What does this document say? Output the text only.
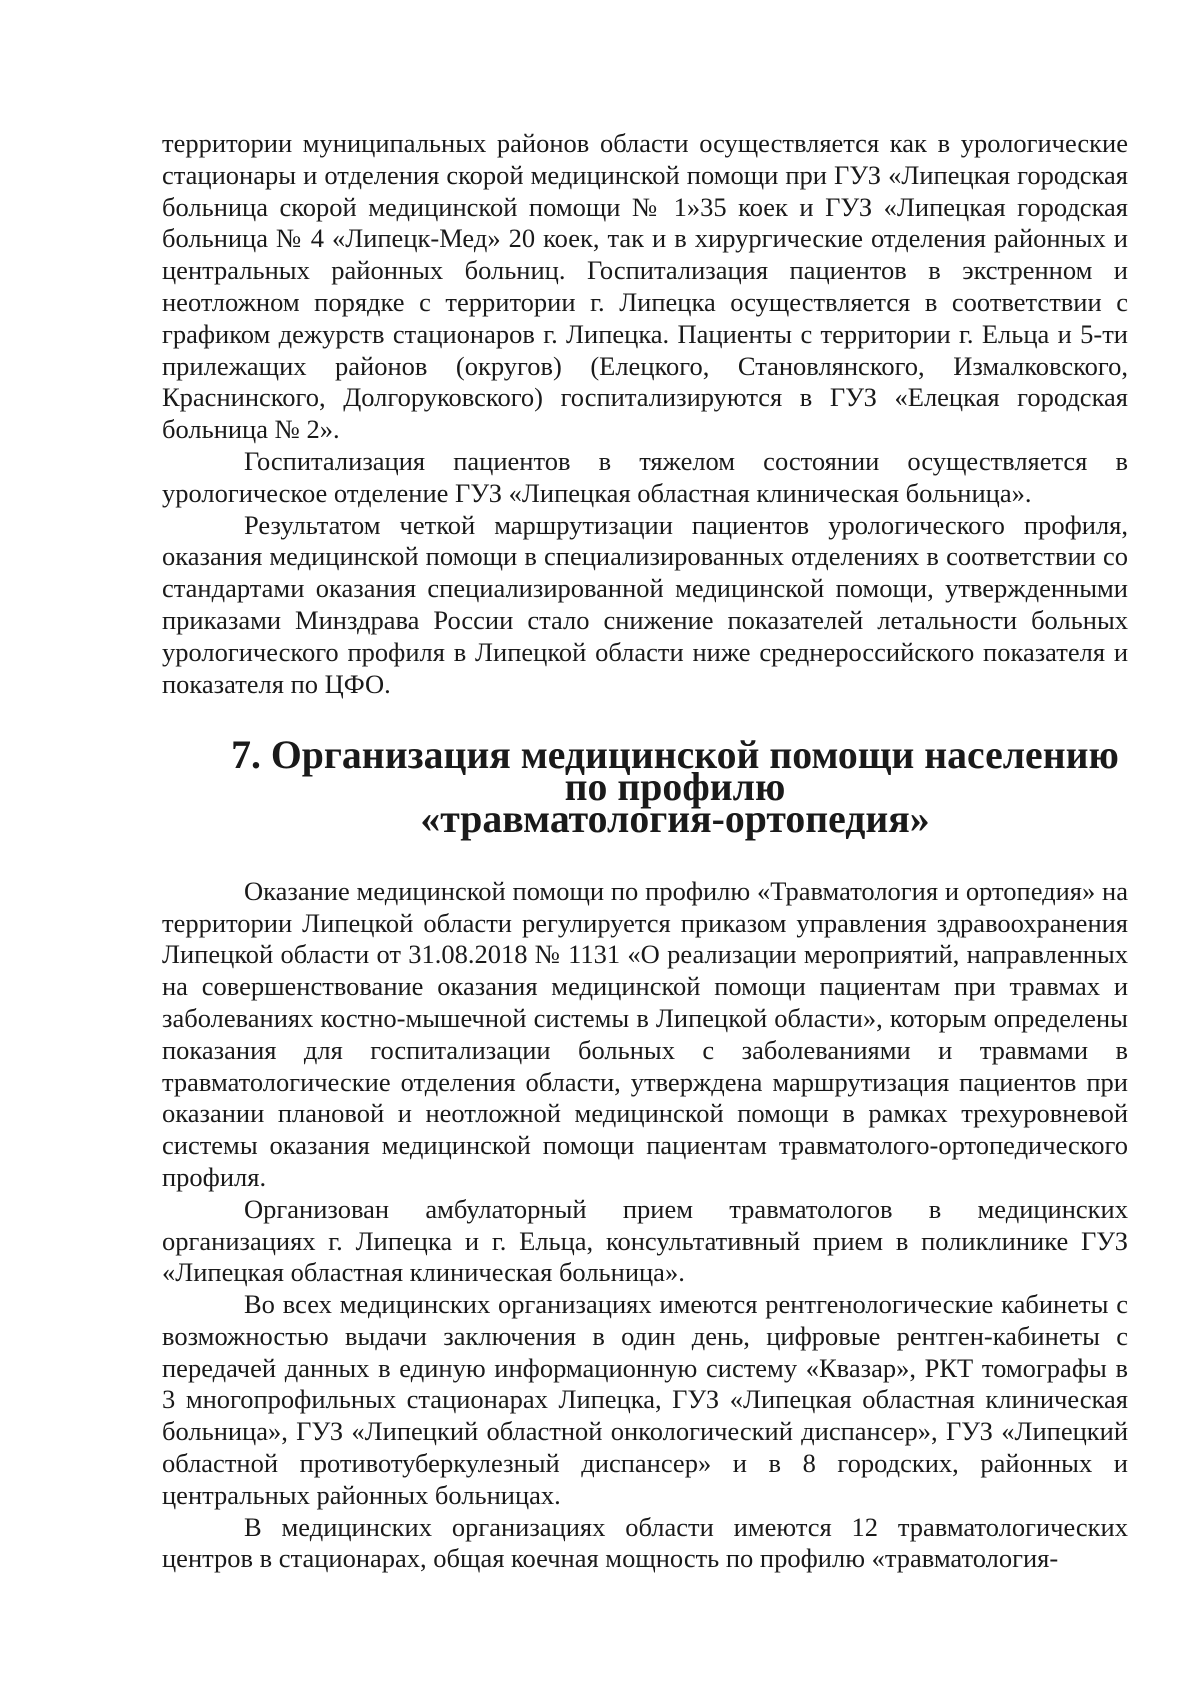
территории муниципальных районов области осуществляется как в урологические стационары и отделения скорой медицинской помощи при ГУЗ «Липецкая городская больница скорой медицинской помощи № 1»35 коек и ГУЗ «Липецкая городская больница № 4 «Липецк-Мед» 20 коек, так и в хирургические отделения районных и центральных районных больниц. Госпитализация пациентов в экстренном и неотложном порядке с территории г. Липецка осуществляется в соответствии с графиком дежурств стационаров г. Липецка. Пациенты с территории г. Ельца и 5-ти прилежащих районов (округов) (Елецкого, Становлянского, Измалковского, Краснинского, Долгоруковского) госпитализируются в ГУЗ «Елецкая городская больница № 2».

Госпитализация пациентов в тяжелом состоянии осуществляется в урологическое отделение ГУЗ «Липецкая областная клиническая больница».

Результатом четкой маршрутизации пациентов урологического профиля, оказания медицинской помощи в специализированных отделениях в соответствии со стандартами оказания специализированной медицинской помощи, утвержденными приказами Минздрава России стало снижение показателей летальности больных урологического профиля в Липецкой области ниже среднероссийского показателя и показателя по ЦФО.

7. Организация медицинской помощи населению по профилю
«травматология-ортопедия»

Оказание медицинской помощи по профилю «Травматология и ортопедия» на территории Липецкой области регулируется приказом управления здравоохранения Липецкой области от 31.08.2018 № 1131 «О реализации мероприятий, направленных на совершенствование оказания медицинской помощи пациентам при травмах и заболеваниях костно-мышечной системы в Липецкой области», которым определены показания для госпитализации больных с заболеваниями и травмами в травматологические отделения области, утверждена маршрутизация пациентов при оказании плановой и неотложной медицинской помощи в рамках трехуровневой системы оказания медицинской помощи пациентам травматолого-ортопедического профиля.

Организован амбулаторный прием травматологов в медицинских организациях г. Липецка и г. Ельца, консультативный прием в поликлинике ГУЗ «Липецкая областная клиническая больница».

Во всех медицинских организациях имеются рентгенологические кабинеты с возможностью выдачи заключения в один день, цифровые рентген-кабинеты с передачей данных в единую информационную систему «Квазар», РКТ томографы в 3 многопрофильных стационарах Липецка, ГУЗ «Липецкая областная клиническая больница», ГУЗ «Липецкий областной онкологический диспансер», ГУЗ «Липецкий областной противотуберкулезный диспансер» и в 8 городских, районных и центральных районных больницах.

В медицинских организациях области имеются 12 травматологических центров в стационарах, общая коечная мощность по профилю «травматология-
